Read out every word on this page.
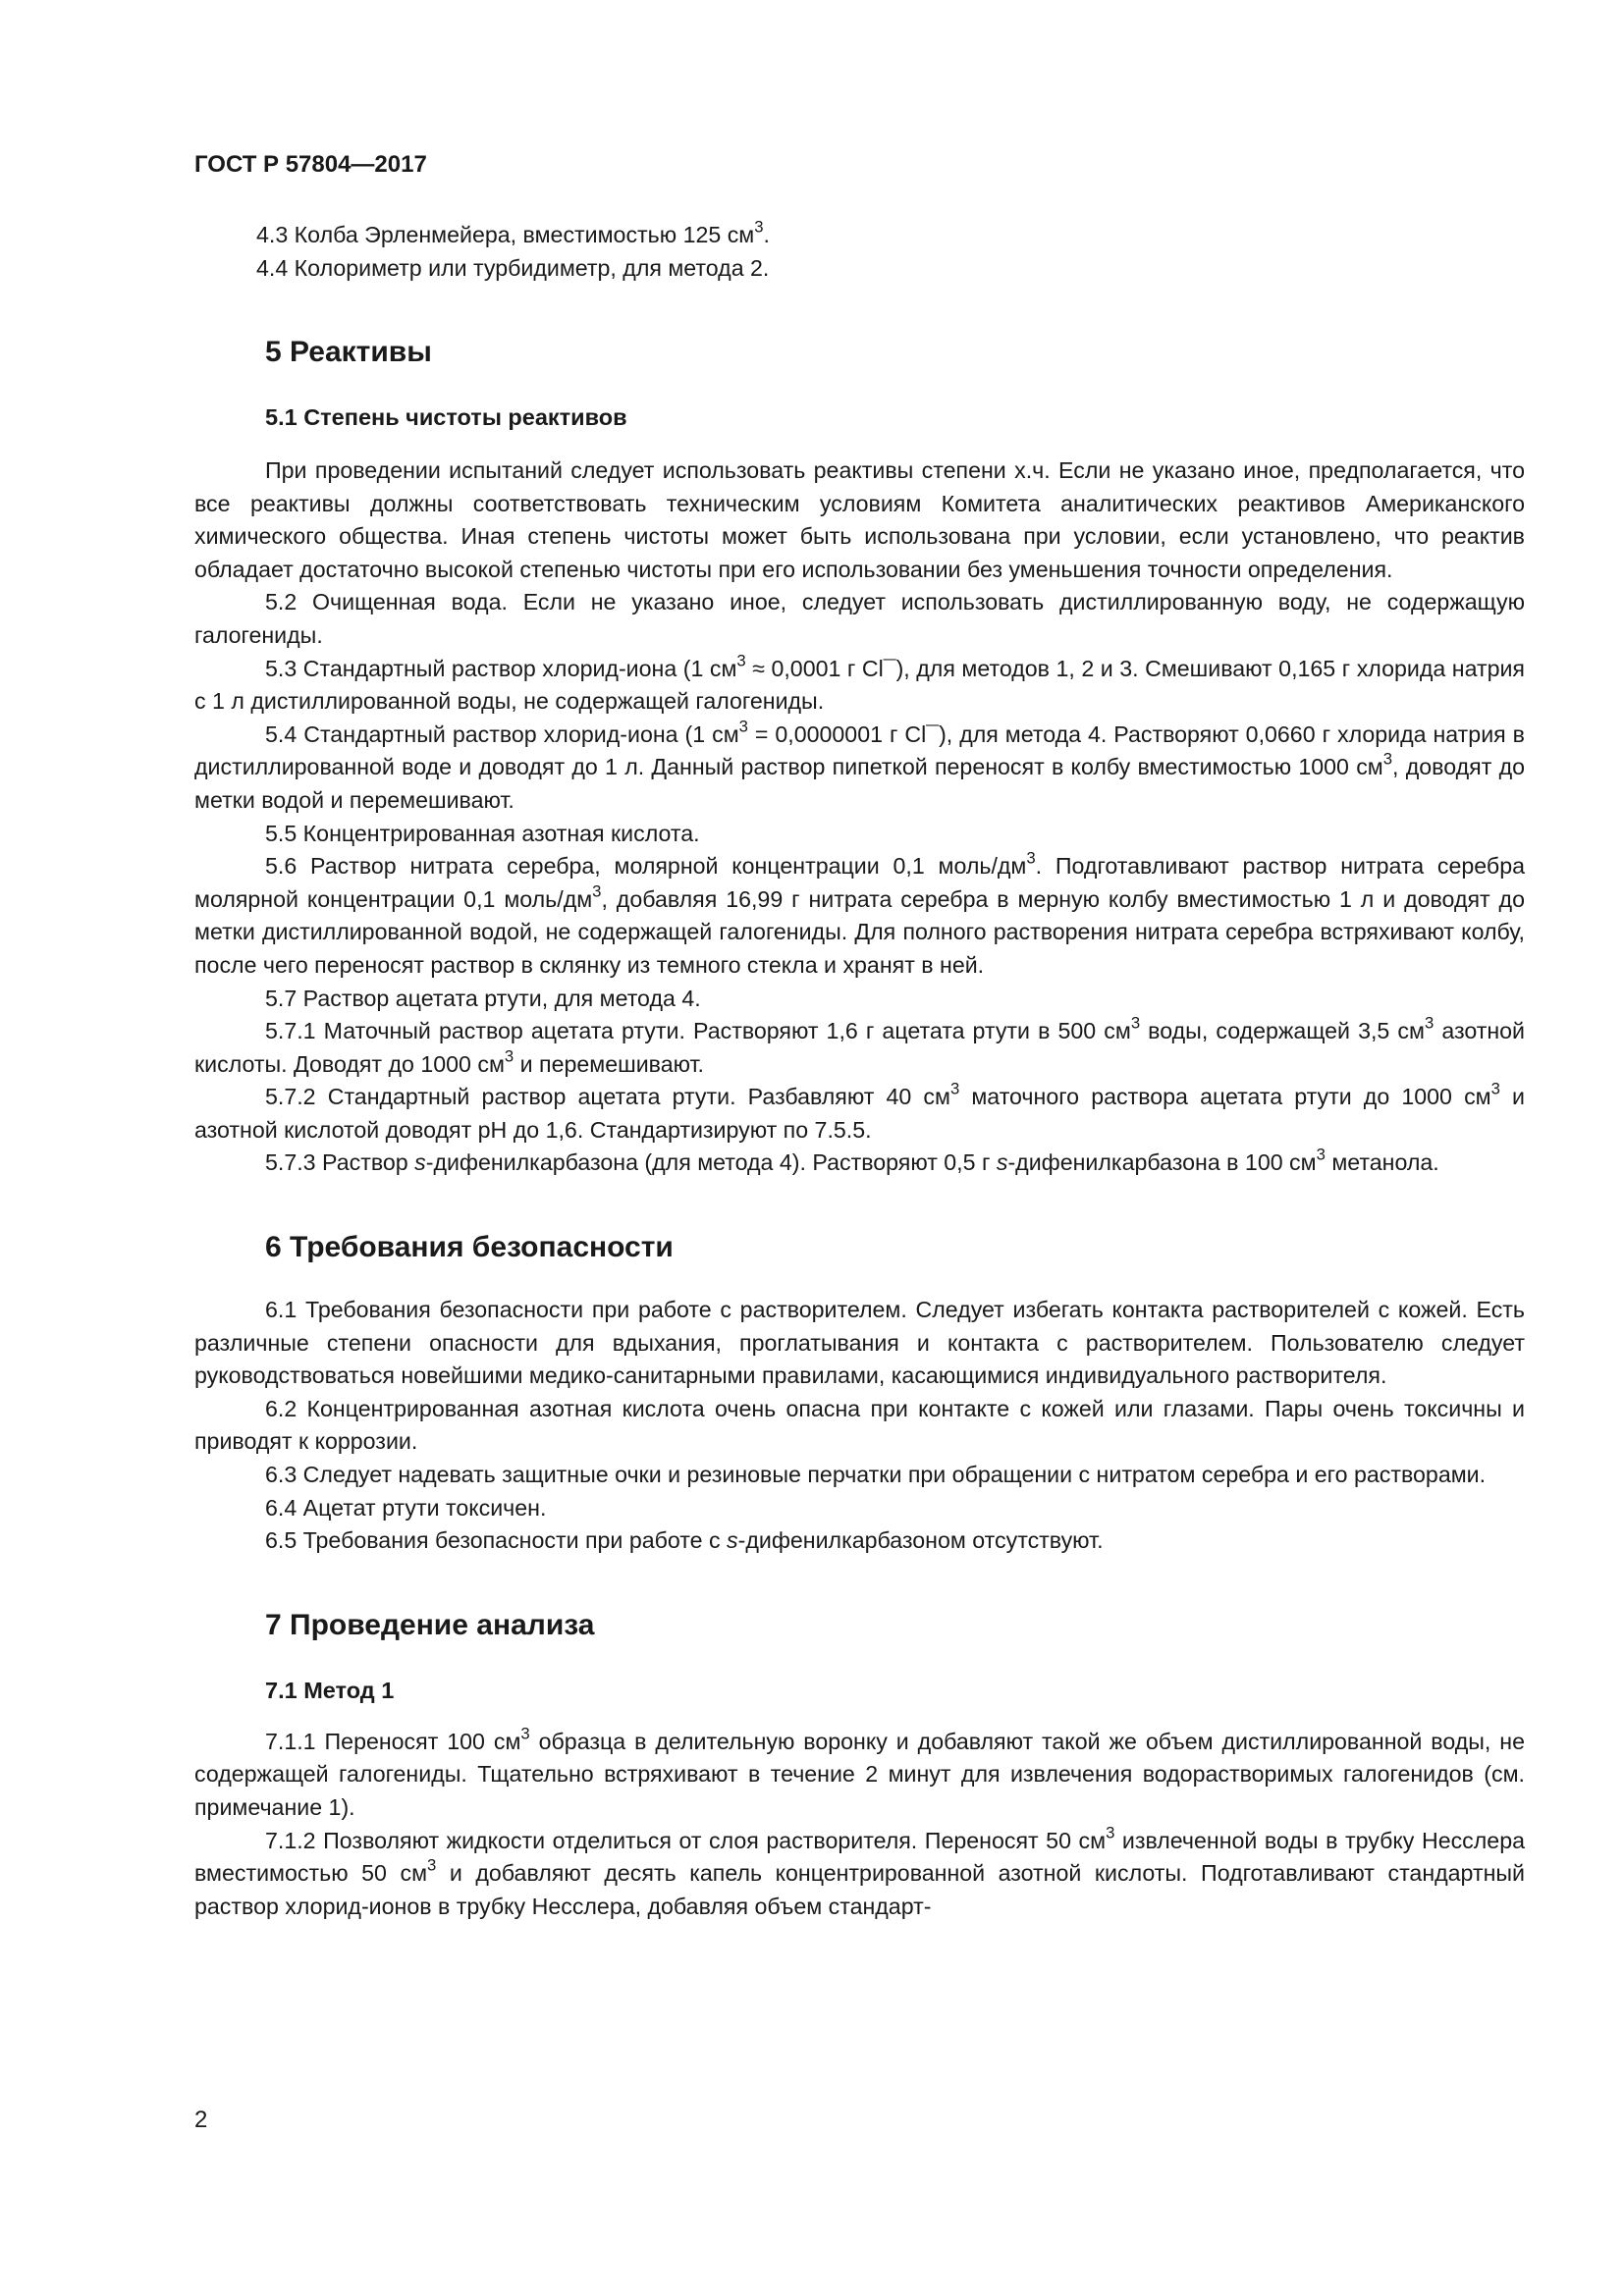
ГОСТ Р 57804—2017

4.3 Колба Эрленмейера, вместимостью 125 $см^3$.

4.4 Колориметр или турбидиметр, для метода 2.

5 Реактивы
5.1 Степень чистоты реактивов

При проведении испытаний следует использовать реактивы степени х.ч. Если не указано иное, предполагается, что все реактивы должны соответствовать техническим условиям Комитета аналитических реактивов Американского химического общества. Иная степень чистоты может быть использована при условии, если установлено, что реактив обладает достаточно высокой степенью чистоты при его использовании без уменьшения точности определения.

5.2 Очищенная вода. Если не указано иное, следует использовать дистиллированную воду, не содержащую галогениды.

5.3 Стандартный раствор хлорид-иона (1 $см^3 \approx 0,0001$ г Cl¯), для методов 1, 2 и 3. Смешивают 0,165 г хлорида натрия с 1 л дистиллированной воды, не содержащей галогениды.

5.4 Стандартный раствор хлорид-иона (1 $см^3 = 0,0000001$ г Cl¯), для метода 4. Растворяют 0,0660 г хлорида натрия в дистиллированной воде и доводят до 1 л. Данный раствор пипеткой переносят в колбу вместимостью 1000 $см^3$, доводят до метки водой и перемешивают.

5.5 Концентрированная азотная кислота.

5.6 Раствор нитрата серебра, молярной концентрации 0,1 моль/$дм^3$. Подготавливают раствор нитрата серебра молярной концентрации 0,1 моль/$дм^3$, добавляя 16,99 г нитрата серебра в мерную колбу вместимостью 1 л и доводят до метки дистиллированной водой, не содержащей галогениды. Для полного растворения нитрата серебра встряхивают колбу, после чего переносят раствор в склянку из темного стекла и хранят в ней.

5.7 Раствор ацетата ртути, для метода 4.

5.7.1 Маточный раствор ацетата ртути. Растворяют 1,6 г ацетата ртути в 500 $см^3$ воды, содержащей 3,5 $см^3$ азотной кислоты. Доводят до 1000 $см^3$ и перемешивают.

5.7.2 Стандартный раствор ацетата ртути. Разбавляют 40 $см^3$ маточного раствора ацетата ртути до 1000 $см^3$ и азотной кислотой доводят pH до 1,6. Стандартизируют по 7.5.5.

5.7.3 Раствор s-дифенилкарбазона (для метода 4). Растворяют 0,5 г s-дифенилкарбазона в 100 $см^3$ метанола.

6 Требования безопасности

6.1 Требования безопасности при работе с растворителем. Следует избегать контакта растворителей с кожей. Есть различные степени опасности для вдыхания, проглатывания и контакта с растворителем. Пользователю следует руководствоваться новейшими медико-санитарными правилами, касающимися индивидуального растворителя.

6.2 Концентрированная азотная кислота очень опасна при контакте с кожей или глазами. Пары очень токсичны и приводят к коррозии.

6.3 Следует надевать защитные очки и резиновые перчатки при обращении с нитратом серебра и его растворами.

6.4 Ацетат ртути токсичен.

6.5 Требования безопасности при работе с s-дифенилкарбазоном отсутствуют.

7 Проведение анализа
7.1 Метод 1

7.1.1 Переносят 100 $см^3$ образца в делительную воронку и добавляют такой же объем дистиллированной воды, не содержащей галогениды. Тщательно встряхивают в течение 2 минут для извлечения водорастворимых галогенидов (см. примечание 1).

7.1.2 Позволяют жидкости отделиться от слоя растворителя. Переносят 50 $см^3$ извлеченной воды в трубку Несслера вместимостью 50 $см^3$ и добавляют десять капель концентрированной азотной кислоты. Подготавливают стандартный раствор хлорид-ионов в трубку Несслера, добавляя объем стандарт-

2
